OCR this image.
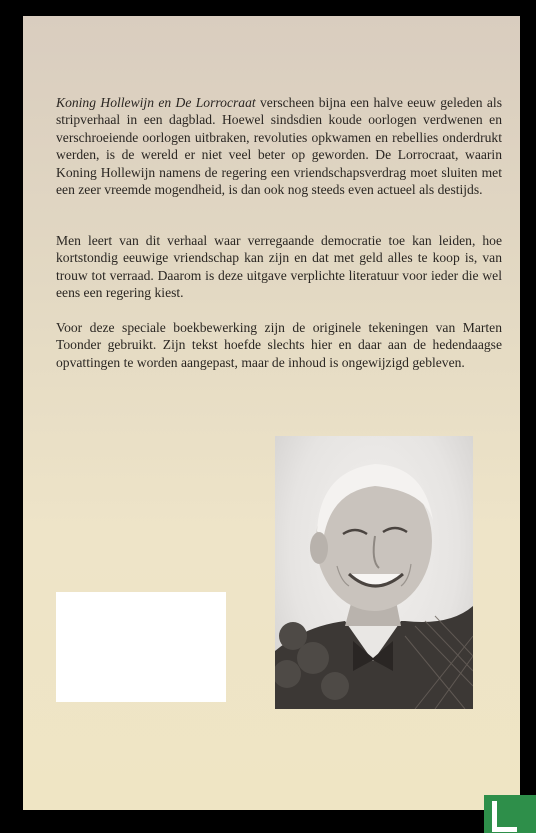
Koning Hollewijn en De Lorrocraat verscheen bijna een halve eeuw geleden als stripverhaal in een dagblad. Hoewel sindsdien koude oorlogen verdwenen en verschroeiende oorlogen uitbraken, revoluties opkwamen en rebellies onderdrukt werden, is de wereld er niet veel beter op geworden. De Lorrocraat, waarin Koning Hollewijn namens de regering een vriendschapsverdrag moet sluiten met een zeer vreemde mogendheid, is dan ook nog steeds even actueel als destijds.

Men leert van dit verhaal waar verregaande democratie toe kan leiden, hoe kortstondig eeuwige vriendschap kan zijn en dat met geld alles te koop is, van trouw tot verraad. Daarom is deze uitgave verplichte literatuur voor ieder die wel eens een regering kiest.

Voor deze speciale boekbewerking zijn de originele tekeningen van Marten Toonder gebruikt. Zijn tekst hoefde slechts hier en daar aan de hedendaagse opvattingen te worden aangepast, maar de inhoud is ongewijzigd gebleven.
